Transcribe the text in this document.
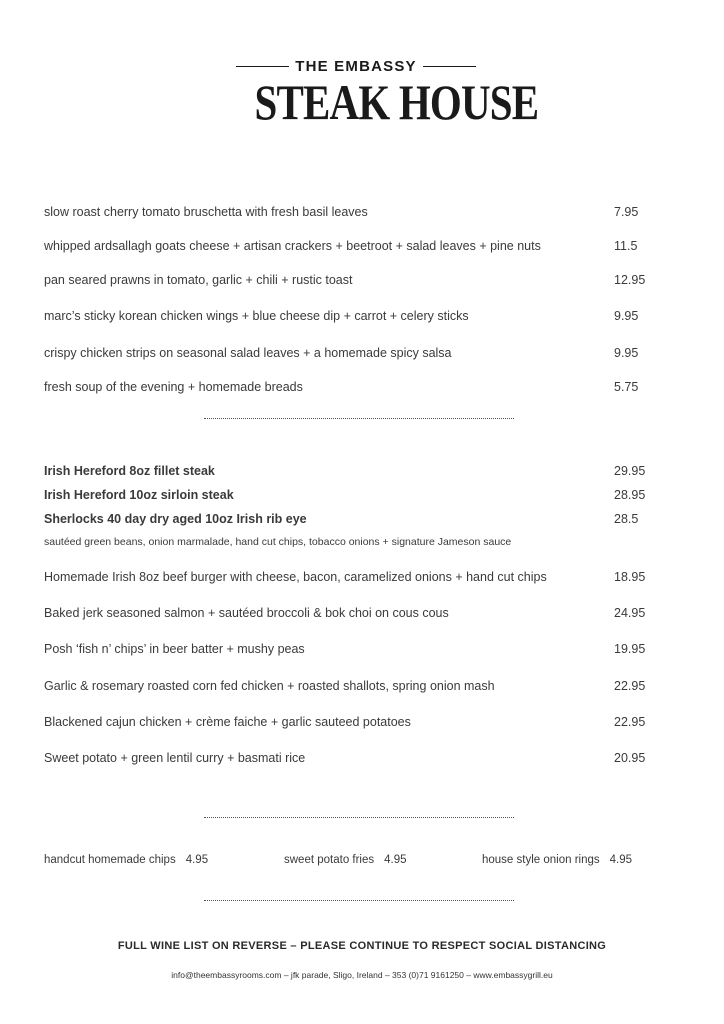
THE EMBASSY
STEAK HOUSE
slow roast cherry tomato bruschetta with fresh basil leaves	7.95
whipped ardsallagh goats cheese + artisan crackers + beetroot + salad leaves + pine nuts	11.5
pan seared prawns in tomato, garlic + chili + rustic toast	12.95
marc’s sticky korean chicken wings + blue cheese dip + carrot + celery sticks	9.95
crispy chicken strips on seasonal salad leaves + a homemade spicy salsa	9.95
fresh soup of the evening + homemade breads	5.75
Irish Hereford 8oz fillet steak	29.95
Irish Hereford 10oz sirloin steak	28.95
Sherlocks 40 day dry aged 10oz Irish rib eye	28.5
sautéed green beans, onion marmalade, hand cut chips, tobacco onions + signature Jameson sauce
Homemade Irish 8oz beef burger with cheese, bacon, caramelized onions + hand cut chips	18.95
Baked jerk seasoned salmon + sautéed broccoli & bok choi on cous cous	24.95
Posh ‘fish n’ chips’ in beer batter + mushy peas	19.95
Garlic & rosemary roasted corn fed chicken + roasted shallots, spring onion mash	22.95
Blackened cajun chicken + crème faiche + garlic sauteed potatoes	22.95
Sweet potato + green lentil curry + basmati rice	20.95
handcut homemade chips 4.95	sweet potato fries 4.95	house style onion rings 4.95
FULL WINE LIST ON REVERSE – PLEASE CONTINUE TO RESPECT SOCIAL DISTANCING
info@theembassyrooms.com – jfk parade, Sligo, Ireland – 353 (0)71 9161250 – www.embassygrill.eu
